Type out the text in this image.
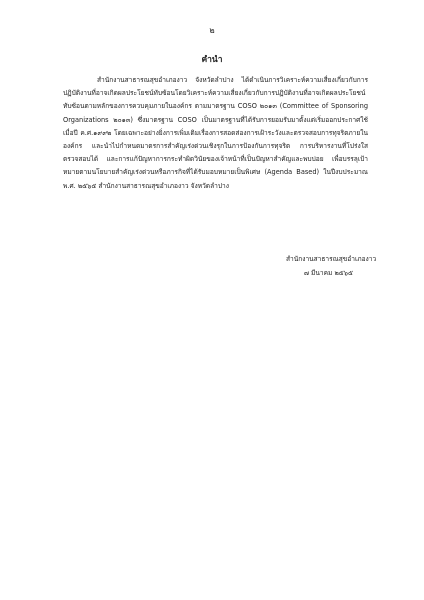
๒
คำนำ

สำนักงานสาธารณสุขอำเภองาว จังหวัดลำปาง ได้ดำเนินการวิเคราะห์ความเสี่ยงเกี่ยวกับการปฏิบัติงานที่อาจเกิดผลประโยชน์ทับซ้อนโดยวิเคราะห์ความเสี่ยงเกี่ยวกับการปฏิบัติงานที่อาจเกิดผลประโยชน์ทับซ้อนตามหลักของการควบคุมภายในองค์กร ตามมาตรฐาน COSO ๒๐๑๓ (Committee of Sponsoring Organizations ๒๐๑๓) ซึ่งมาตรฐาน COSO เป็นมาตรฐานที่ได้รับการยอมรับมาตั้งแต่เริ่มออกประกาศใช้เมื่อปี ค.ศ.๑๙๙๒ โดยเฉพาะอย่างยิ่งการเพิ่มเติมเรื่องการสอดส่องการเฝ้าระวังและตรวจสอบการทุจริตภายในองค์กร และนำไปกำหนดมาตรการสำคัญเร่งด่วนเชิงรุกในการป้องกันการทุจริต การบริหารงานที่โปร่งใส ตรวจสอบได้ และการแก้ปัญหาการกระทำผิดวินัยของเจ้าหน้าที่เป็นปัญหาสำคัญและพบบ่อย เพื่อบรรลุเป้าหมายตามนโยบายสำคัญเร่งด่วนหรือภารกิจที่ได้รับมอบหมายเป็นพิเศษ (Agenda Based) ในปีงบประมาณ พ.ศ. ๒๕๖๕ สำนักงานสาธารณสุขอำเภองาว จังหวัดลำปาง

สำนักงานสาธารณสุขอำเภองาว
๗ มีนาคม ๒๕๖๕
